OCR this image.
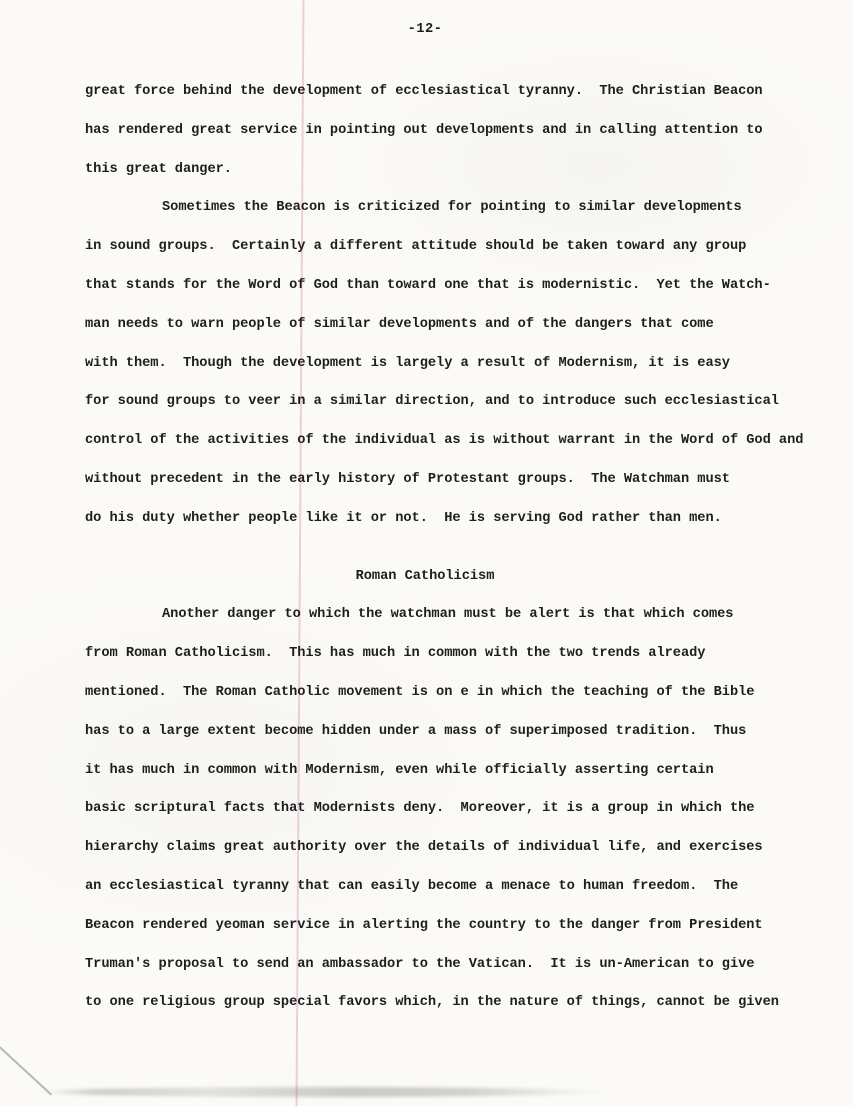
-12-
great force behind the development of ecclesiastical tyranny.  The Christian Beacon
has rendered great service in pointing out developments and in calling attention to
this great danger.
Sometimes the Beacon is criticized for pointing to similar developments
in sound groups.  Certainly a different attitude should be taken toward any group
that stands for the Word of God than toward one that is modernistic.  Yet the Watch-
man needs to warn people of similar developments and of the dangers that come
with them.  Though the development is largely a result of Modernism, it is easy
for sound groups to veer in a similar direction, and to introduce such ecclesiastical
control of the activities of the individual as is without warrant in the Word of God and
without precedent in the early history of Protestant groups.  The Watchman must
do his duty whether people like it or not.  He is serving God rather than men.
Roman Catholicism
Another danger to which the watchman must be alert is that which comes
from Roman Catholicism.  This has much in common with the two trends already
mentioned.  The Roman Catholic movement is on e in which the teaching of the Bible
has to a large extent become hidden under a mass of superimposed tradition.  Thus
it has much in common with Modernism, even while officially asserting certain
basic scriptural facts that Modernists deny.  Moreover, it is a group in which the
hierarchy claims great authority over the details of individual life, and exercises
an ecclesiastical tyranny that can easily become a menace to human freedom.  The
Beacon rendered yeoman service in alerting the country to the danger from President
Truman's proposal to send an ambassador to the Vatican.  It is un-American to give
to one religious group special favors which, in the nature of things, cannot be given
